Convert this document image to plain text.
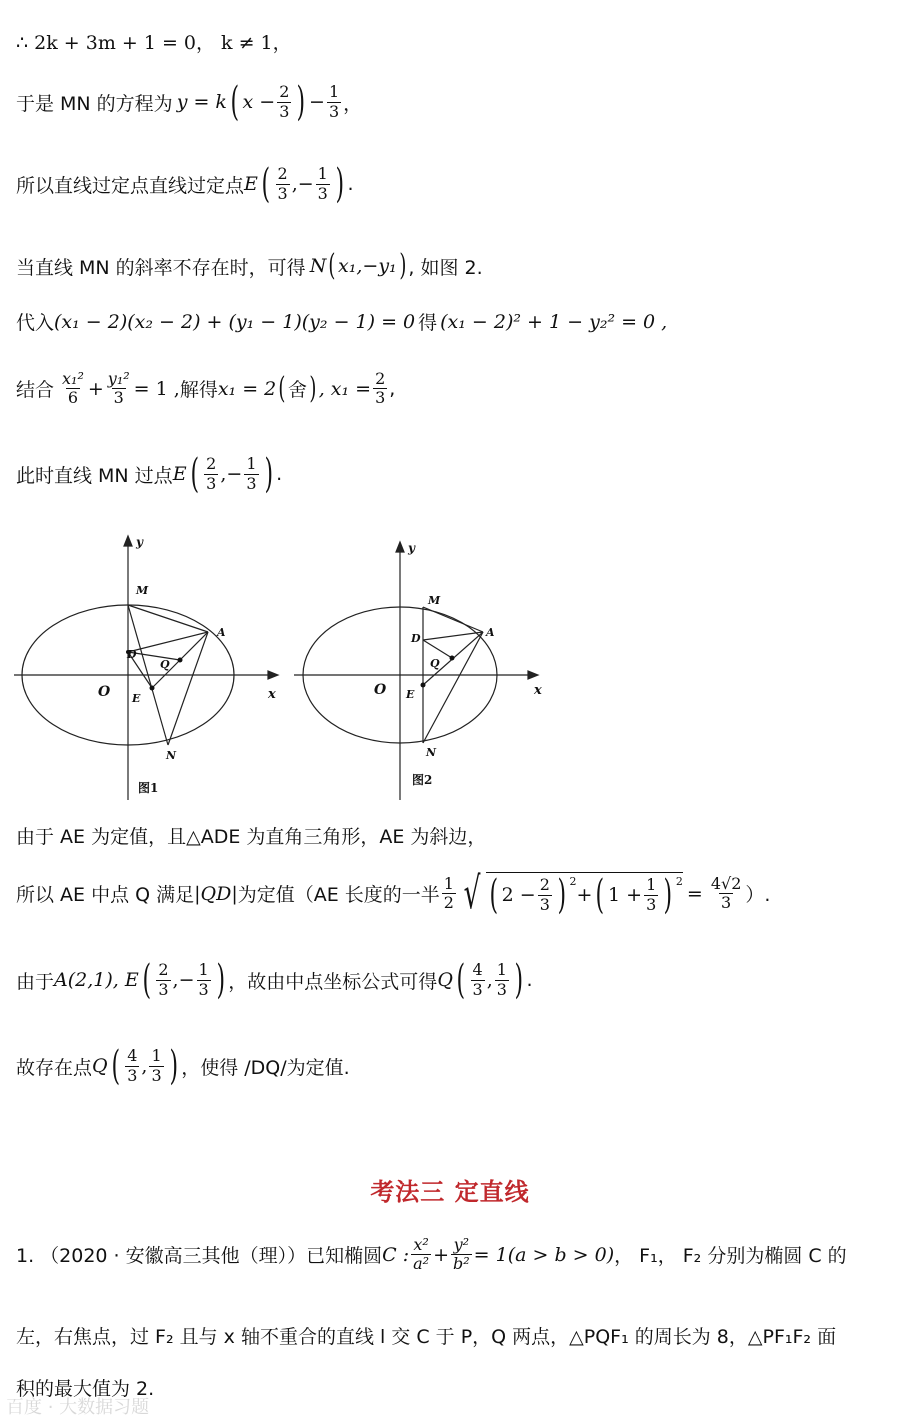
∴ 2k + 3m + 1 = 0， k ≠ 1，
于是 MN 的方程为 y = k ( $x - \frac{2}{3}$ ) − $\frac{1}{3}$ ，
所以直线过定点直线过定点 E ( $\frac{2}{3}$ ,− $\frac{1}{3}$ ) .
当直线 MN 的斜率不存在时，可得 N ( x₁,−y₁ ) , 如图 2.
代入 (x₁ − 2)(x₂ − 2) + (y₁ − 1)(y₂ − 1) = 0 得 (x₁ − 2)² + 1 − y₂² = 0 ,
结合 $\frac{\text{x₁²}}{6} + \frac{\text{y₁²}}{3} = 1$ , 解得 x₁ = 2 ( 舍 ) , $x_1 = \frac{2}{3}$ ,
此时直线 MN 过点 E ( $\frac{2}{3}$ ,− $\frac{1}{3}$ ) .
y
x
O
M
A
D
Q
E
N
图1
y
x
O
M
A
D
Q
E
N
图2
由于 AE 为定值，且△ADE 为直角三角形，AE 为斜边，
所以 AE 中点 Q 满足 |QD| 为定值（AE 长度的一半 $\frac{1}{2}$ √ ( $2 - \frac{2}{3}$ ) $^2$
+ ( $1 + \frac{1}{3}$ ) $^2$
= $\frac{4√2}{3}$ ）.
由于 A(2,1), E ( $\frac{2}{3}$ ,− $\frac{1}{3}$ ) ，故由中点坐标公式可得 Q ( $\frac{4}{3}$ , $\frac{1}{3}$ ) .
故存在点 Q ( $\frac{4}{3}$ , $\frac{1}{3}$ ) ，使得 /DQ/为定值.
考法三 定直线
1. （2020 · 安徽高三其他（理））已知椭圆 C : $\frac{\text{x²}}{\text{a²}} + \frac{\text{y²}}{\text{b²}} = 1(a > b > 0)$ ， F₁， F₂ 分别为椭圆 C 的
左，右焦点，过 F₂ 且与 x 轴不重合的直线 l 交 C 于 P，Q 两点，△PQF₁ 的周长为 8，△PF₁F₂ 面
积的最大值为 2.
百度 · 大数据习题
